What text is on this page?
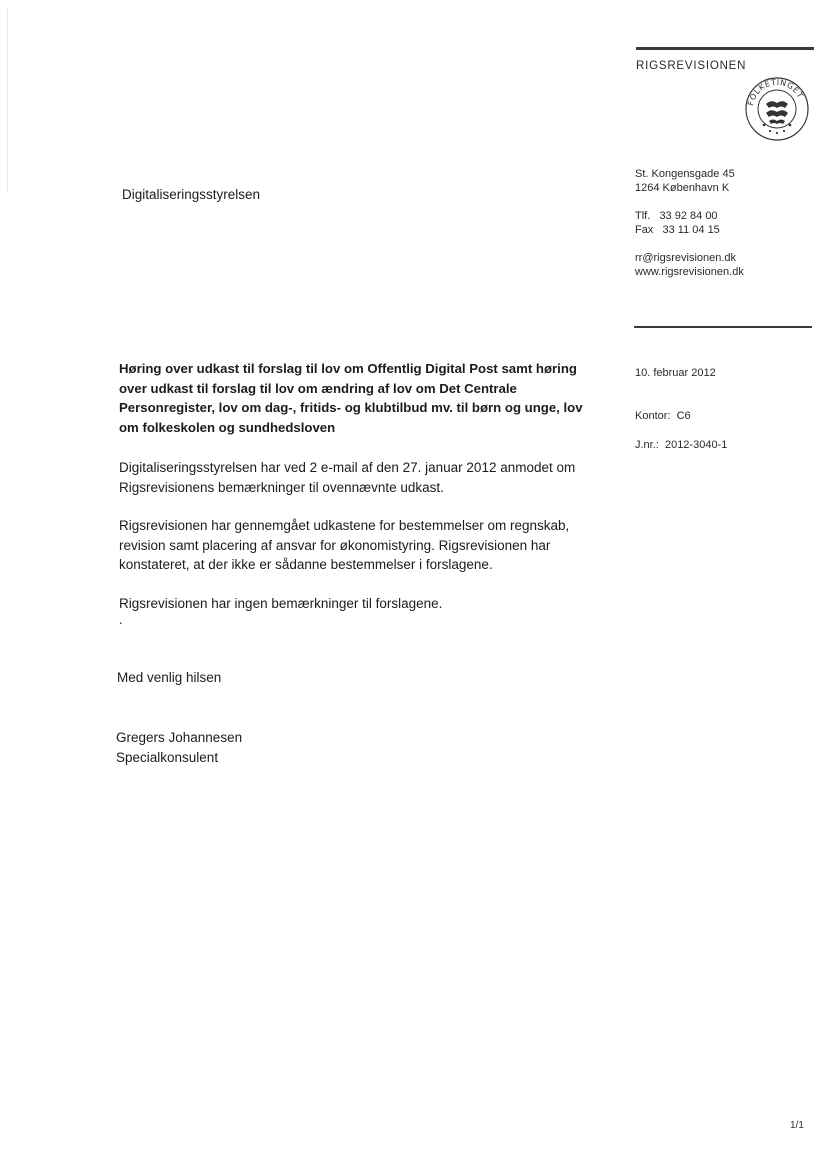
RIGSREVISIONEN
FOLKETINGET
St. Kongensgade 45
1264 København K
Tlf.   33 92 84 00
Fax   33 11 04 15
rr@rigsrevisionen.dk
www.rigsrevisionen.dk
10. februar 2012
Kontor:  C6
J.nr.:  2012-3040-1
Digitaliseringsstyrelsen

Høring over udkast til forslag til lov om Offentlig Digital Post samt høring over udkast til forslag til lov om ændring af lov om Det Centrale Personregister, lov om dag-, fritids- og klubtilbud mv. til børn og unge, lov om folkeskolen og sundhedsloven

Digitaliseringsstyrelsen har ved 2 e-mail af den 27. januar 2012 anmodet om Rigsrevisionens bemærkninger til ovennævnte udkast.

Rigsrevisionen har gennemgået udkastene for bestemmelser om regnskab, revision samt placering af ansvar for økonomistyring. Rigsrevisionen har konstateret, at der ikke er sådanne bestemmelser i forslagene.

Rigsrevisionen har ingen bemærkninger til forslagene.

.
Med venlig hilsen
Gregers Johannesen
Specialkonsulent
1/1
